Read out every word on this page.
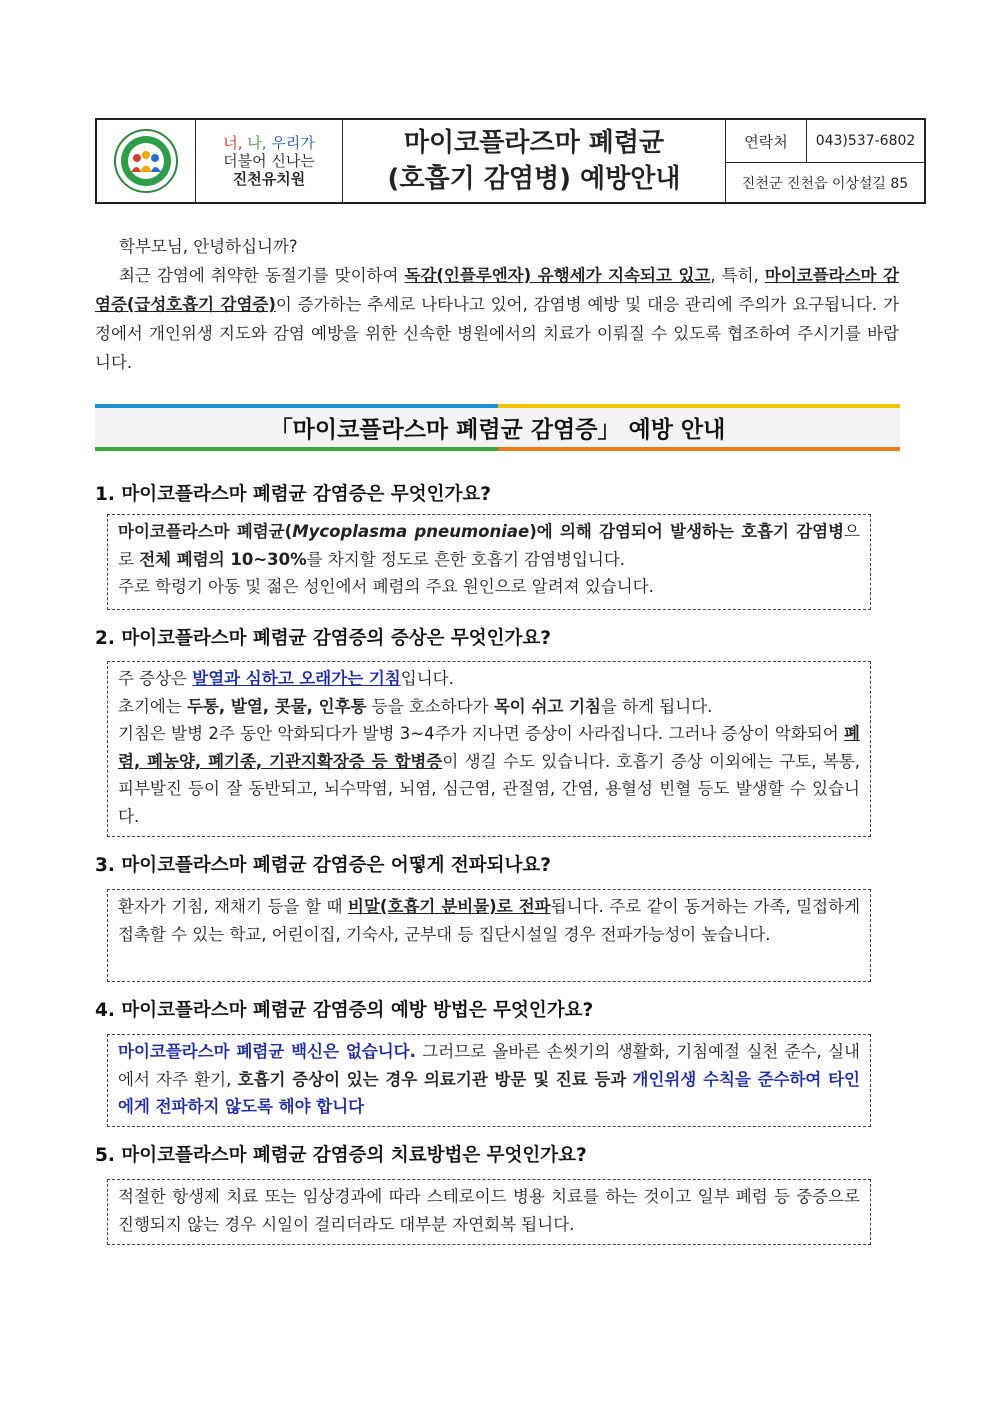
너, 나, 우리가
더불어 신나는
진천유치원
마이코플라즈마 폐렴균
(호흡기 감염병) 예방안내
연락처	043)537-6802
진천군 진천읍 이상설길 85

학부모님, 안녕하십니까?

최근 감염에 취약한 동절기를 맞이하여 독감(인플루엔자) 유행세가 지속되고 있고, 특히, 마이코플라스마 감염증(급성호흡기 감염증)이 증가하는 추세로 나타나고 있어, 감염병 예방 및 대응 관리에 주의가 요구됩니다. 가정에서 개인위생 지도와 감염 예방을 위한 신속한 병원에서의 치료가 이뤄질 수 있도록 협조하여 주시기를 바랍니다.

「마이코플라스마 폐렴균 감염증」 예방 안내
1. 마이코플라스마 폐렴균 감염증은 무엇인가요?

마이코플라스마 폐렴균(Mycoplasma pneumoniae)에 의해 감염되어 발생하는 호흡기 감염병으로 전체 폐렴의 10~30%를 차지할 정도로 흔한 호흡기 감염병입니다.

주로 학령기 아동 및 젊은 성인에서 폐렴의 주요 원인으로 알려져 있습니다.

2. 마이코플라스마 폐렴균 감염증의 증상은 무엇인가요?

주 증상은 발열과 심하고 오래가는 기침입니다.

초기에는 두통, 발열, 콧물, 인후통 등을 호소하다가 목이 쉬고 기침을 하게 됩니다.

기침은 발병 2주 동안 악화되다가 발병 3~4주가 지나면 증상이 사라집니다. 그러나 증상이 악화되어 폐렴, 폐농양, 폐기종, 기관지확장증 등 합병증이 생길 수도 있습니다. 호흡기 증상 이외에는 구토, 복통, 피부발진 등이 잘 동반되고, 뇌수막염, 뇌염, 심근염, 관절염, 간염, 용혈성 빈혈 등도 발생할 수 있습니다.

3. 마이코플라스마 폐렴균 감염증은 어떻게 전파되나요?

환자가 기침, 재채기 등을 할 때 비말(호흡기 분비물)로 전파됩니다. 주로 같이 동거하는 가족, 밀접하게 접촉할 수 있는 학교, 어린이집, 기숙사, 군부대 등 집단시설일 경우 전파가능성이 높습니다.

4. 마이코플라스마 폐렴균 감염증의 예방 방법은 무엇인가요?

마이코플라스마 폐렴균 백신은 없습니다. 그러므로 올바른 손씻기의 생활화, 기침예절 실천 준수, 실내에서 자주 환기, 호흡기 증상이 있는 경우 의료기관 방문 및 진료 등과 개인위생 수칙을 준수하여 타인에게 전파하지 않도록 해야 합니다

5. 마이코플라스마 폐렴균 감염증의 치료방법은 무엇인가요?

적절한 항생제 치료 또는 임상경과에 따라 스테로이드 병용 치료를 하는 것이고 일부 폐렴 등 중증으로 진행되지 않는 경우 시일이 걸리더라도 대부분 자연회복 됩니다.
